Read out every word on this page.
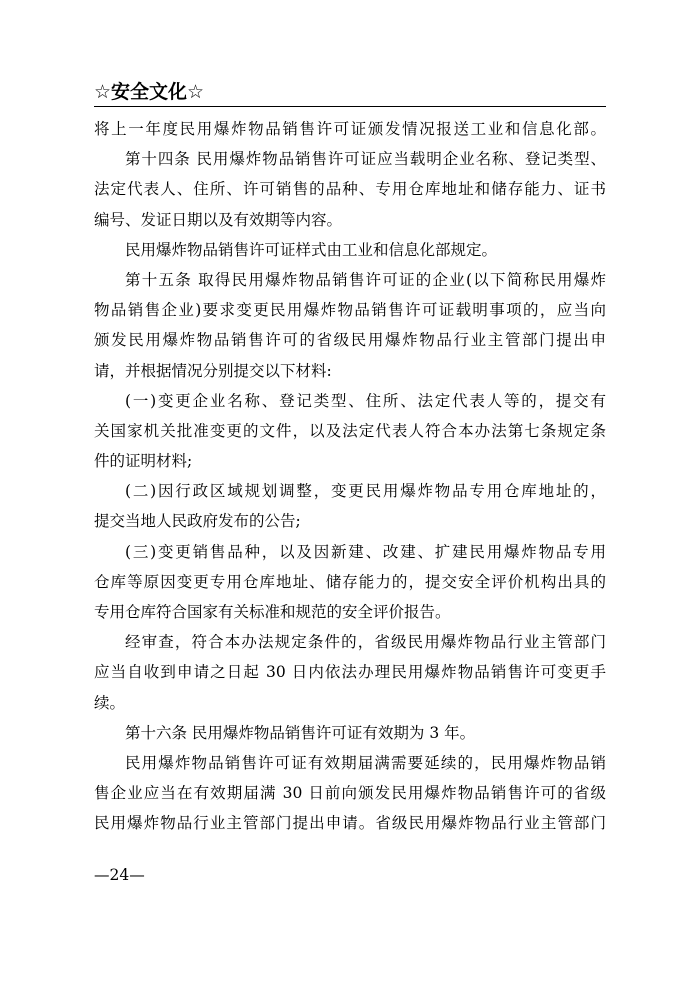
☆安全文化☆
将上一年度民用爆炸物品销售许可证颁发情况报送工业和信息化部。
第十四条 民用爆炸物品销售许可证应当载明企业名称、登记类型、
法定代表人、住所、许可销售的品种、专用仓库地址和储存能力、证书
编号、发证日期以及有效期等内容。
民用爆炸物品销售许可证样式由工业和信息化部规定。
第十五条 取得民用爆炸物品销售许可证的企业(以下简称民用爆炸
物品销售企业)要求变更民用爆炸物品销售许可证载明事项的，应当向
颁发民用爆炸物品销售许可的省级民用爆炸物品行业主管部门提出申
请，并根据情况分别提交以下材料:
(一)变更企业名称、登记类型、住所、法定代表人等的，提交有
关国家机关批准变更的文件，以及法定代表人符合本办法第七条规定条
件的证明材料;
(二)因行政区域规划调整，变更民用爆炸物品专用仓库地址的，
提交当地人民政府发布的公告;
(三)变更销售品种，以及因新建、改建、扩建民用爆炸物品专用
仓库等原因变更专用仓库地址、储存能力的，提交安全评价机构出具的
专用仓库符合国家有关标准和规范的安全评价报告。
经审查，符合本办法规定条件的，省级民用爆炸物品行业主管部门
应当自收到申请之日起 30 日内依法办理民用爆炸物品销售许可变更手
续。
第十六条 民用爆炸物品销售许可证有效期为 3 年。
民用爆炸物品销售许可证有效期届满需要延续的，民用爆炸物品销
售企业应当在有效期届满 30 日前向颁发民用爆炸物品销售许可的省级
民用爆炸物品行业主管部门提出申请。省级民用爆炸物品行业主管部门
—24—
